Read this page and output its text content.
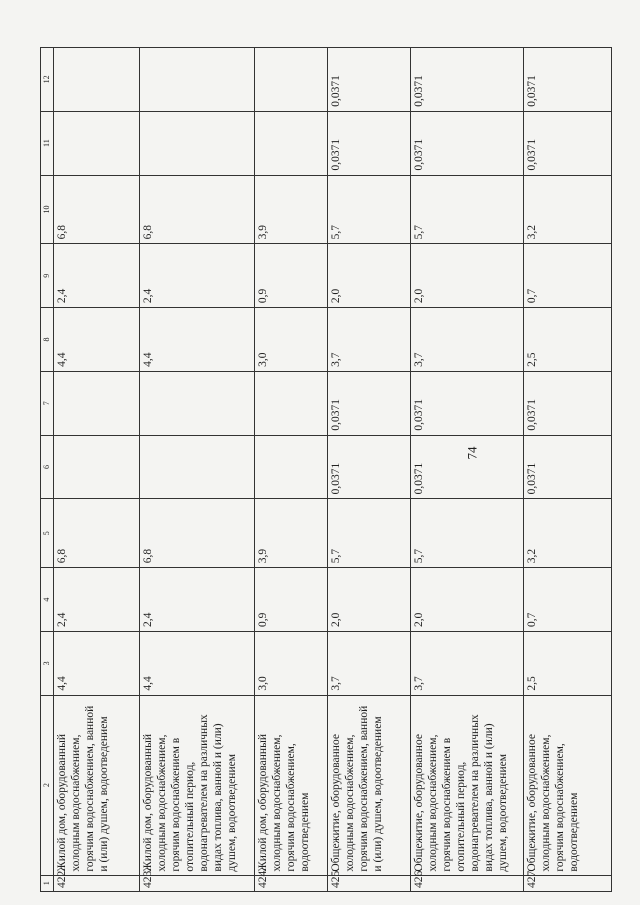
74
1	2	3	4	5	6	7	8	9	10	11	12
422.	Жилой дом, оборудованный холодным водоснабжением, горячим водоснабжением, ванной и (или) душем, водоотведением	4,4	2,4	6,8			4,4	2,4	6,8		
423.	Жилой дом, оборудованный холодным водоснабжением, горячим водоснабжением в отопительный период, водонагревателем на различных видах топлива, ванной и (или) душем, водоотведением	4,4	2,4	6,8			4,4	2,4	6,8		
424.	Жилой дом, оборудованный холодным водоснабжением, горячим водоснабжением, водоотведением	3,0	0,9	3,9			3,0	0,9	3,9		
425.	Общежитие, оборудованное холодным водоснабжением, горячим водоснабжением, ванной и (или) душем, водоотведением	3,7	2,0	5,7	0,0371	0,0371	3,7	2,0	5,7	0,0371	0,0371
426.	Общежитие, оборудованное холодным водоснабжением, горячим водоснабжением в отопительный период, водонагревателем на различных видах топлива, ванной и (или) душем, водоотведением	3,7	2,0	5,7	0,0371	0,0371	3,7	2,0	5,7	0,0371	0,0371
427.	Общежитие, оборудованное холодным водоснабжением, горячим водоснабжением, водоотведением	2,5	0,7	3,2	0,0371	0,0371	2,5	0,7	3,2	0,0371	0,0371
